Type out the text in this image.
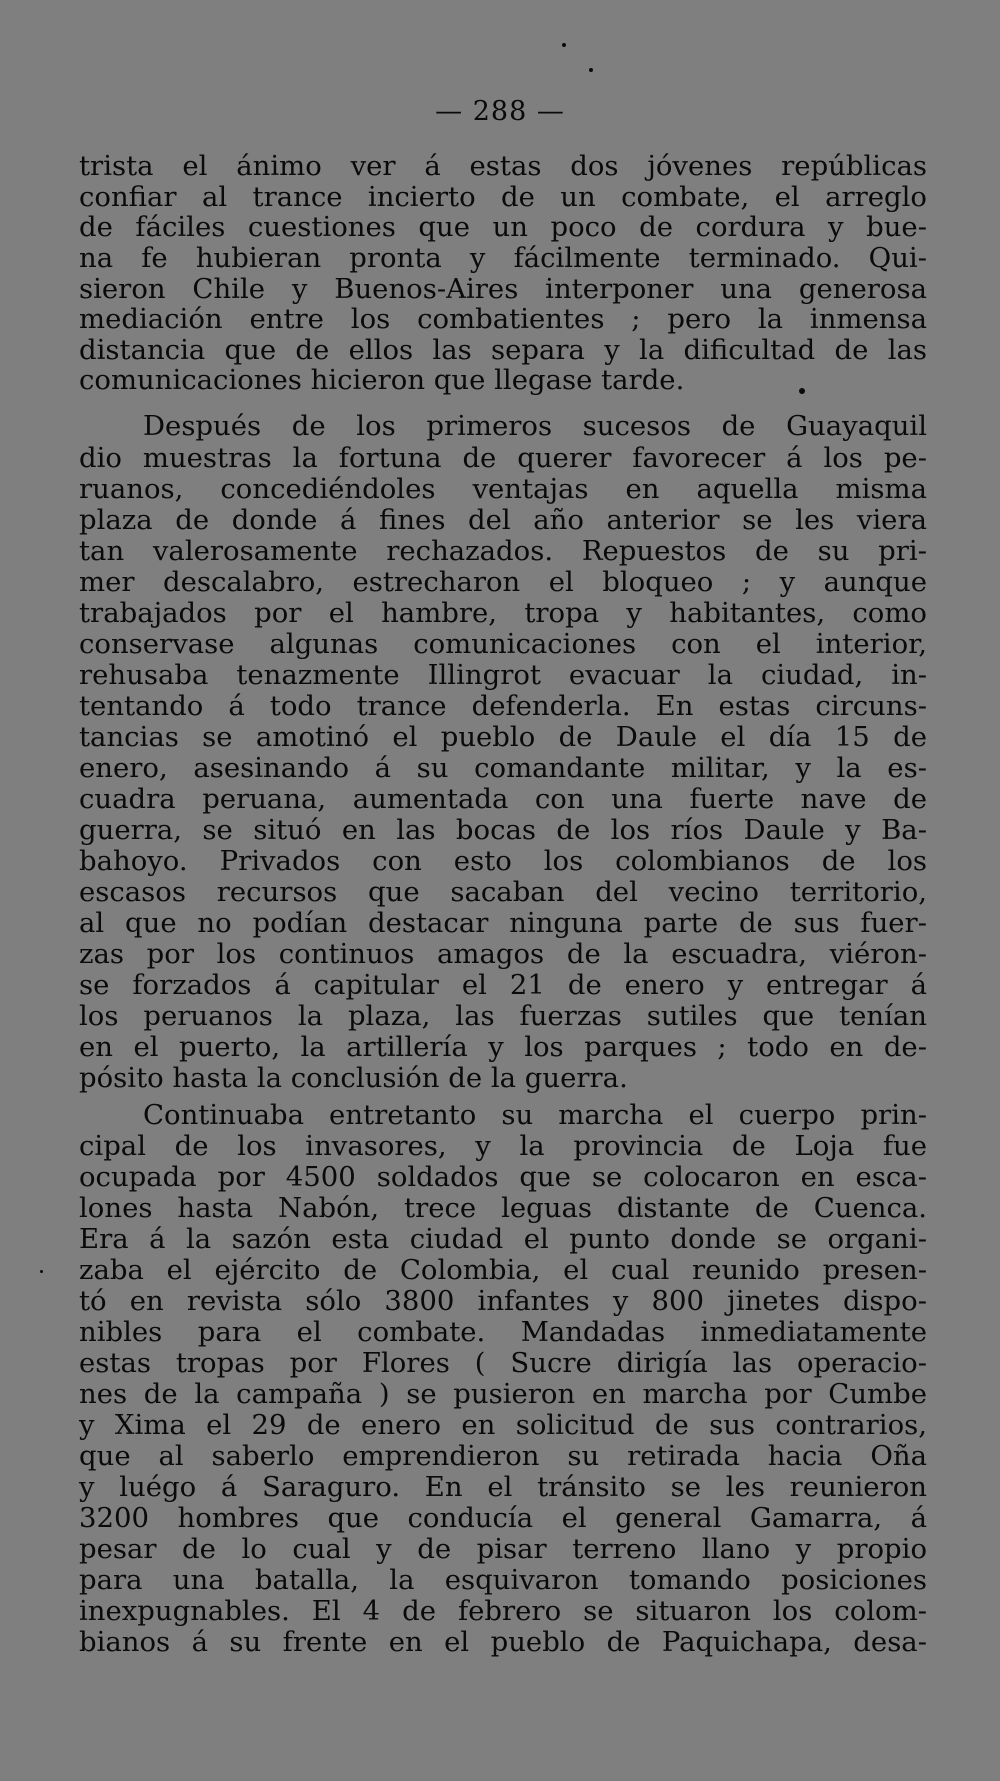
— 288 —
trista el ánimo ver á estas dos jóvenes repúblicas
confiar al trance incierto de un combate, el arreglo
de fáciles cuestiones que un poco de cordura y bue-
na fe hubieran pronta y fácilmente terminado. Qui-
sieron Chile y Buenos-Aires interponer una generosa
mediación entre los combatientes ; pero la inmensa
distancia que de ellos las separa y la dificultad de las
comunicaciones hicieron que llegase tarde.
Después de los primeros sucesos de Guayaquil
dio muestras la fortuna de querer favorecer á los pe-
ruanos, concediéndoles ventajas en aquella misma
plaza de donde á fines del año anterior se les viera
tan valerosamente rechazados. Repuestos de su pri-
mer descalabro, estrecharon el bloqueo ; y aunque
trabajados por el hambre, tropa y habitantes, como
conservase algunas comunicaciones con el interior,
rehusaba tenazmente Illingrot evacuar la ciudad, in-
tentando á todo trance defenderla. En estas circuns-
tancias se amotinó el pueblo de Daule el día 15 de
enero, asesinando á su comandante militar, y la es-
cuadra peruana, aumentada con una fuerte nave de
guerra, se situó en las bocas de los ríos Daule y Ba-
bahoyo. Privados con esto los colombianos de los
escasos recursos que sacaban del vecino territorio,
al que no podían destacar ninguna parte de sus fuer-
zas por los continuos amagos de la escuadra, viéron-
se forzados á capitular el 21 de enero y entregar á
los peruanos la plaza, las fuerzas sutiles que tenían
en el puerto, la artillería y los parques ; todo en de-
pósito hasta la conclusión de la guerra.
Continuaba entretanto su marcha el cuerpo prin-
cipal de los invasores, y la provincia de Loja fue
ocupada por 4500 soldados que se colocaron en esca-
lones hasta Nabón, trece leguas distante de Cuenca.
Era á la sazón esta ciudad el punto donde se organi-
zaba el ejército de Colombia, el cual reunido presen-
tó en revista sólo 3800 infantes y 800 jinetes dispo-
nibles para el combate. Mandadas inmediatamente
estas tropas por Flores ( Sucre dirigía las operacio-
nes de la campaña ) se pusieron en marcha por Cumbe
y Xima el 29 de enero en solicitud de sus contrarios,
que al saberlo emprendieron su retirada hacia Oña
y luégo á Saraguro. En el tránsito se les reunieron
3200 hombres que conducía el general Gamarra, á
pesar de lo cual y de pisar terreno llano y propio
para una batalla, la esquivaron tomando posiciones
inexpugnables. El 4 de febrero se situaron los colom-
bianos á su frente en el pueblo de Paquichapa, desa-
